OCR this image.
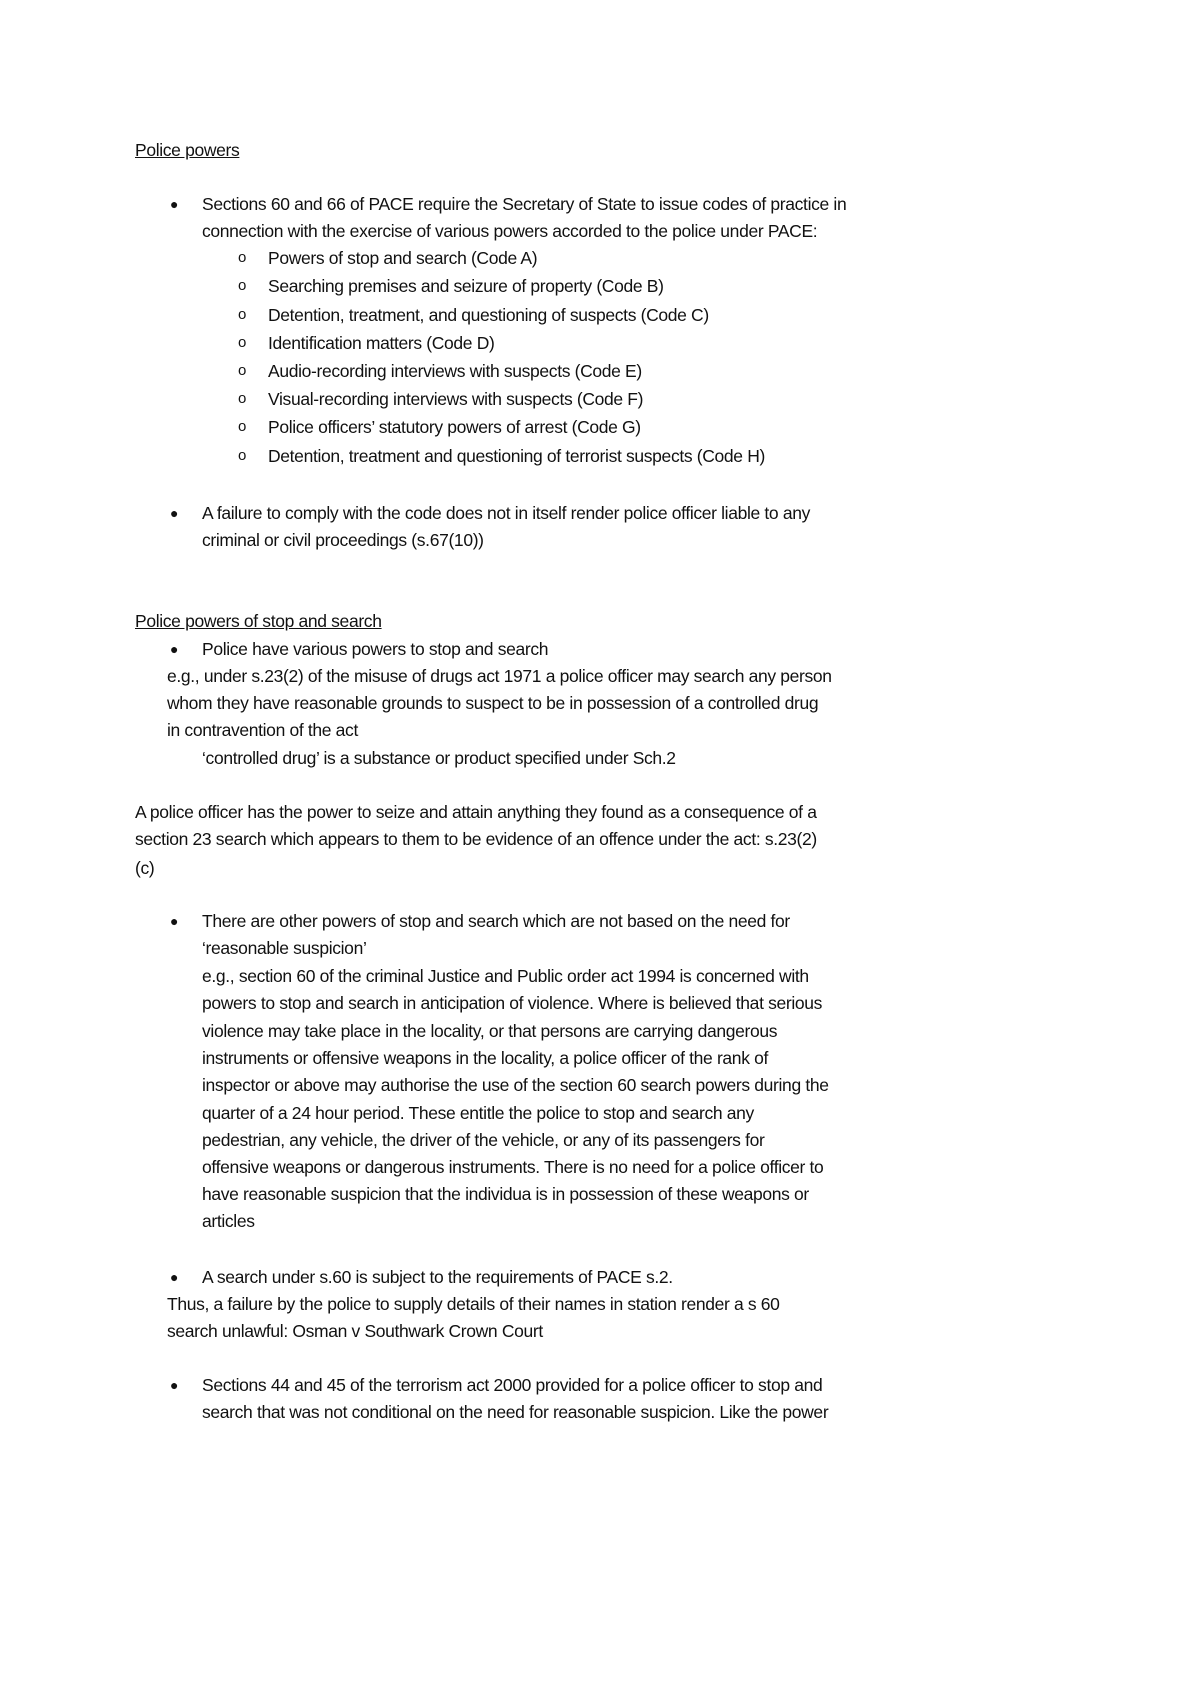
Police powers
● Sections 60 and 66 of PACE require the Secretary of State to issue codes of practice in
connection with the exercise of various powers accorded to the police under PACE:
o Powers of stop and search (Code A)
o Searching premises and seizure of property (Code B)
o Detention, treatment, and questioning of suspects (Code C)
o Identification matters (Code D)
o Audio-recording interviews with suspects (Code E)
o Visual-recording interviews with suspects (Code F)
o Police officers’ statutory powers of arrest (Code G)
o Detention, treatment and questioning of terrorist suspects (Code H)
● A failure to comply with the code does not in itself render police officer liable to any
criminal or civil proceedings (s.67(10))
Police powers of stop and search
● Police have various powers to stop and search
e.g., under s.23(2) of the misuse of drugs act 1971 a police officer may search any person
whom they have reasonable grounds to suspect to be in possession of a controlled drug
in contravention of the act
‘controlled drug’ is a substance or product specified under Sch.2
A police officer has the power to seize and attain anything they found as a consequence of a
section 23 search which appears to them to be evidence of an offence under the act: s.23(2)
(c)
● There are other powers of stop and search which are not based on the need for
‘reasonable suspicion’
e.g., section 60 of the criminal Justice and Public order act 1994 is concerned with
powers to stop and search in anticipation of violence. Where is believed that serious
violence may take place in the locality, or that persons are carrying dangerous
instruments or offensive weapons in the locality, a police officer of the rank of
inspector or above may authorise the use of the section 60 search powers during the
quarter of a 24 hour period. These entitle the police to stop and search any
pedestrian, any vehicle, the driver of the vehicle, or any of its passengers for
offensive weapons or dangerous instruments. There is no need for a police officer to
have reasonable suspicion that the individua is in possession of these weapons or
articles
● A search under s.60 is subject to the requirements of PACE s.2.
Thus, a failure by the police to supply details of their names in station render a s 60
search unlawful: Osman v Southwark Crown Court
● Sections 44 and 45 of the terrorism act 2000 provided for a police officer to stop and
search that was not conditional on the need for reasonable suspicion. Like the power
